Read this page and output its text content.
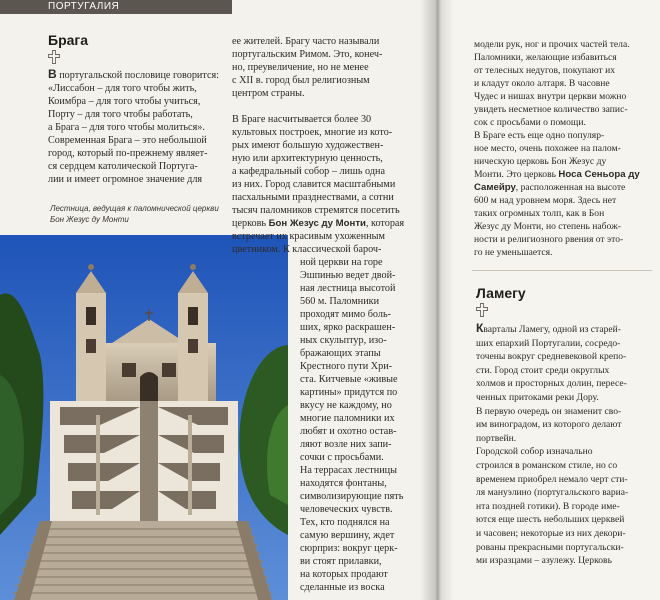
ПОРТУГАЛИЯ
Брага
В португальской пословице говорится:
«Лиссабон – для того чтобы жить,
Коимбра – для того чтобы учиться,
Порту – для того чтобы работать,
а Брага – для того чтобы молиться».
Современная Брага – это небольшой
город, который по-прежнему являет-
ся сердцем католической Португа-
лии и имеет огромное значение для
Лестница, ведущая к паломнической церкви
Бон Жезус ду Монти
ее жителей. Брагу часто называли
португальским Римом. Это, конеч-
но, преувеличение, но не менее
с XII в. город был религиозным
центром страны.
В Браге насчитывается более 30
культовых построек, многие из кото-
рых имеют большую художествен-
ную или архитектурную ценность,
а кафедральный собор – лишь одна
из них. Город славится масштабными
пасхальными празднествами, а сотни
тысяч паломников стремятся посетить
церковь Бон Жезус ду Монти, которая
встречает их красивым ухоженным
цветником. К классической бароч-
ной церкви на горе
Эшпинью ведет двой-
ная лестница высотой
560 м. Паломники
проходят мимо боль-
ших, ярко раскрашен-
ных скульптур, изо-
бражающих этапы
Крестного пути Хри-
ста. Китчевые «живые
картины» придутся по
вкусу не каждому, но
многие паломники их
любят и охотно остав-
ляют возле них запи-
сочки с просьбами.
На террасах лестницы
находятся фонтаны,
символизирующие пять
человеческих чувств.
Тех, кто поднялся на
самую вершину, ждет
сюрприз: вокруг церк-
ви стоят прилавки,
на которых продают
сделанные из воска
модели рук, ног и прочих частей тела.
Паломники, желающие избавиться
от телесных недугов, покупают их
и кладут около алтаря. В часовне
Чудес и нишах внутри церкви можно
увидеть несметное количество запис-
сок с просьбами о помощи.
В Браге есть еще одно популяр-
ное место, очень похожее на палом-
ническую церковь Бон Жезус ду
Монти. Это церковь Носа Сеньора ду
Самейру, расположенная на высоте
600 м над уровнем моря. Здесь нет
таких огромных толп, как в Бон
Жезус ду Монти, но степень набож-
ности и религиозного рвения от это-
го не уменьшается.
Ламегу
Кварталы Ламегу, одной из старей-
ших епархий Португалии, сосредо-
точены вокруг средневековой крепо-
сти. Город стоит среди округлых
холмов и просторных долин, пересе-
ченных притоками реки Дору.
В первую очередь он знаменит сво-
им виноградом, из которого делают
портвейн.
Городской собор изначально
строился в романском стиле, но со
временем приобрел немало черт сти-
ля мануэлино (португальского вариа-
нта поздней готики). В городе име-
ются еще шесть небольших церквей
и часовен; некоторые из них декори-
рованы прекрасными португальски-
ми изразцами – азулежу. Церковь
